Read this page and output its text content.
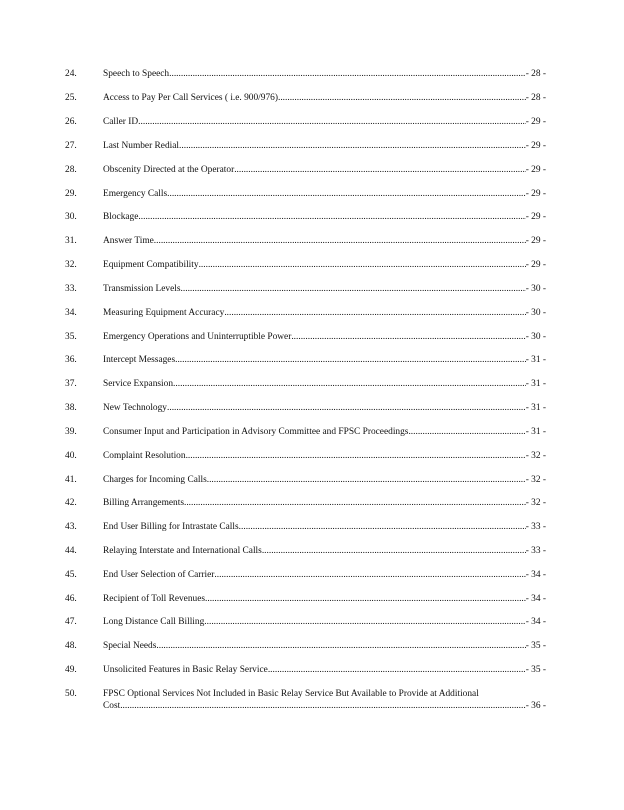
24.	Speech to Speech .....	- 28 -
25.	Access to Pay Per Call Services ( i.e. 900/976) .....	- 28 -
26.	Caller ID .....	- 29 -
27.	Last Number Redial .....	- 29 -
28.	Obscenity Directed at the Operator .....	- 29 -
29.	Emergency Calls .....	- 29 -
30.	Blockage .....	- 29 -
31.	Answer Time .....	- 29 -
32.	Equipment Compatibility .....	- 29 -
33.	Transmission Levels .....	- 30 -
34.	Measuring Equipment Accuracy .....	- 30 -
35.	Emergency Operations and Uninterruptible Power .....	- 30 -
36.	Intercept Messages .....	- 31 -
37.	Service Expansion .....	- 31 -
38.	New Technology .....	- 31 -
39.	Consumer Input and Participation in Advisory Committee and FPSC Proceedings .....	- 31 -
40.	Complaint Resolution .....	- 32 -
41.	Charges for Incoming Calls .....	- 32 -
42.	Billing Arrangements .....	- 32 -
43.	End User Billing for Intrastate Calls .....	- 33 -
44.	Relaying Interstate and International Calls .....	- 33 -
45.	End User Selection of Carrier .....	- 34 -
46.	Recipient of Toll Revenues .....	- 34 -
47.	Long Distance Call Billing .....	- 34 -
48.	Special Needs .....	- 35 -
49.	Unsolicited Features in Basic Relay Service .....	- 35 -
50.	FPSC Optional Services Not Included in Basic Relay Service But Available to Provide at Additional
Cost .....	- 36 -
